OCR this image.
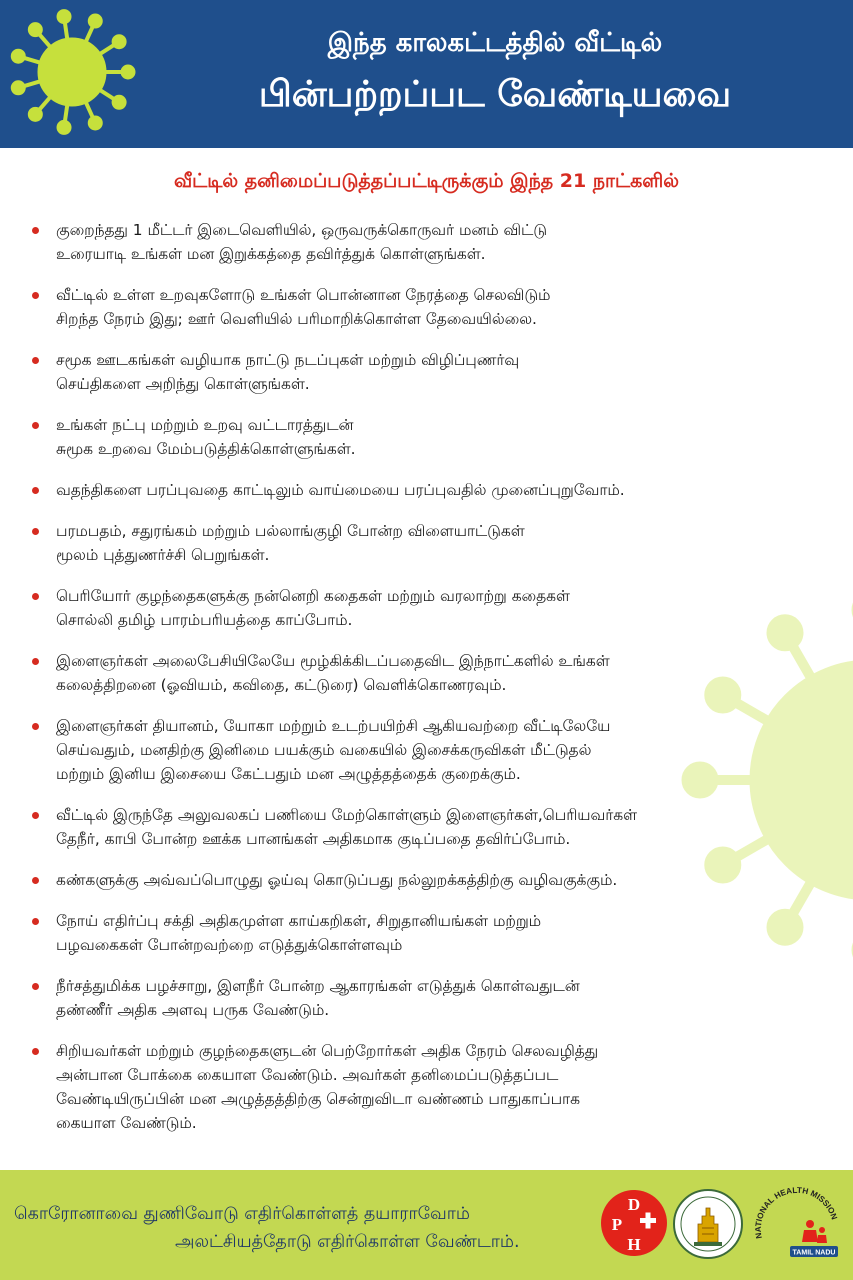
இந்த காலகட்டத்தில் வீட்டில்
பின்பற்றப்பட வேண்டியவை
வீட்டில் தனிமைப்படுத்தப்பட்டிருக்கும் இந்த 21 நாட்களில்
குறைந்தது 1 மீட்டர் இடைவெளியில், ஒருவருக்கொருவர் மனம் விட்டு
உரையாடி உங்கள் மன இறுக்கத்தை தவிர்த்துக் கொள்ளுங்கள்.
வீட்டில் உள்ள உறவுகளோடு உங்கள் பொன்னான நேரத்தை செலவிடும்
சிறந்த நேரம் இது; ஊர் வெளியில் பரிமாறிக்கொள்ள தேவையில்லை.
சமூக ஊடகங்கள் வழியாக நாட்டு நடப்புகள் மற்றும் விழிப்புணர்வு
செய்திகளை அறிந்து கொள்ளுங்கள்.
உங்கள் நட்பு மற்றும் உறவு வட்டாரத்துடன்
சுமூக உறவை மேம்படுத்திக்கொள்ளுங்கள்.
வதந்திகளை பரப்புவதை காட்டிலும் வாய்மையை பரப்புவதில் முனைப்புறுவோம்.
பரமபதம், சதுரங்கம் மற்றும் பல்லாங்குழி போன்ற விளையாட்டுகள்
மூலம் புத்துணர்ச்சி பெறுங்கள்.
பெரியோர் குழந்தைகளுக்கு நன்னெறி கதைகள் மற்றும் வரலாற்று கதைகள்
சொல்லி தமிழ் பாரம்பரியத்தை காப்போம்.
இளைஞர்கள் அலைபேசியிலேயே மூழ்கிக்கிடப்பதைவிட இந்நாட்களில் உங்கள்
கலைத்திறனை (ஓவியம், கவிதை, கட்டுரை) வெளிக்கொணரவும்.
இளைஞர்கள் தியானம், யோகா மற்றும் உடற்பயிற்சி ஆகியவற்றை வீட்டிலேயே
செய்வதும், மனதிற்கு இனிமை பயக்கும் வகையில் இசைக்கருவிகள் மீட்டுதல்
மற்றும் இனிய இசையை கேட்பதும் மன அழுத்தத்தைக் குறைக்கும்.
வீட்டில் இருந்தே அலுவலகப் பணியை மேற்கொள்ளும் இளைஞர்கள்,பெரியவர்கள்
தேநீர், காபி போன்ற ஊக்க பானங்கள் அதிகமாக குடிப்பதை தவிர்ப்போம்.
கண்களுக்கு அவ்வப்பொழுது ஓய்வு கொடுப்பது நல்லுறக்கத்திற்கு வழிவகுக்கும்.
நோய் எதிர்ப்பு சக்தி அதிகமுள்ள காய்கறிகள், சிறுதானியங்கள் மற்றும்
பழவகைகள் போன்றவற்றை எடுத்துக்கொள்ளவும்
நீர்சத்துமிக்க பழச்சாறு, இளநீர் போன்ற ஆகாரங்கள் எடுத்துக் கொள்வதுடன்
தண்ணீர் அதிக அளவு பருக வேண்டும்.
சிறியவர்கள் மற்றும் குழந்தைகளுடன் பெற்றோர்கள் அதிக நேரம் செலவழித்து
அன்பான போக்கை கையாள வேண்டும். அவர்கள் தனிமைப்படுத்தப்பட
வேண்டியிருப்பின் மன அழுத்தத்திற்கு சென்றுவிடா வண்ணம் பாதுகாப்பாக
கையாள வேண்டும்.

கொரோனாவை துணிவோடு எதிர்கொள்ளத் தயாராவோம்

அலட்சியத்தோடு எதிர்கொள்ள வேண்டாம்.

D
P
H	NATIONAL HEALTH MISSION
TAMIL NADU
